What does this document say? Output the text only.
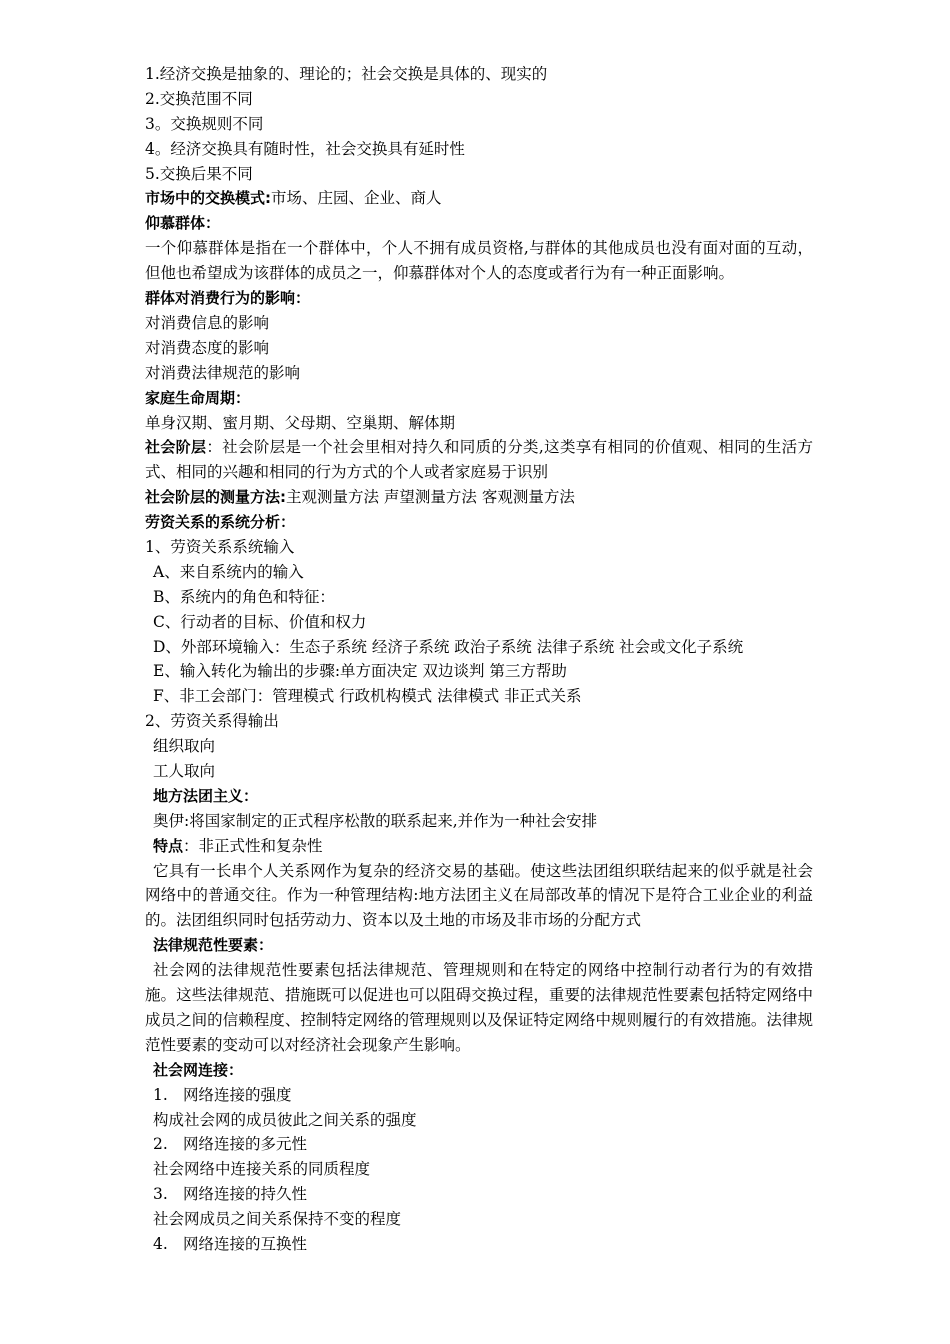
1.经济交换是抽象的、理论的；社会交换是具体的、现实的
2.交换范围不同
3。交换规则不同
4。经济交换具有随时性，社会交换具有延时性
5.交换后果不同
市场中的交换模式:市场、庄园、企业、商人
仰慕群体：
一个仰慕群体是指在一个群体中，个人不拥有成员资格,与群体的其他成员也没有面对面的互动，但他也希望成为该群体的成员之一，仰慕群体对个人的态度或者行为有一种正面影响。
群体对消费行为的影响：
对消费信息的影响
对消费态度的影响
对消费法律规范的影响
家庭生命周期：
单身汉期、蜜月期、父母期、空巢期、解体期
社会阶层：社会阶层是一个社会里相对持久和同质的分类,这类享有相同的价值观、相同的生活方式、相同的兴趣和相同的行为方式的个人或者家庭易于识别
社会阶层的测量方法:主观测量方法 声望测量方法 客观测量方法
劳资关系的系统分析：
1、劳资关系系统输入
A、来自系统内的输入
B、系统内的角色和特征：
C、行动者的目标、价值和权力
D、外部环境输入：生态子系统 经济子系统 政治子系统 法律子系统 社会或文化子系统
E、输入转化为输出的步骤:单方面决定 双边谈判 第三方帮助
F、非工会部门：管理模式 行政机构模式 法律模式 非正式关系
2、劳资关系得输出
组织取向
工人取向
地方法团主义：
奥伊:将国家制定的正式程序松散的联系起来,并作为一种社会安排
特点：非正式性和复杂性
它具有一长串个人关系网作为复杂的经济交易的基础。使这些法团组织联结起来的似乎就是社会网络中的普通交往。作为一种管理结构:地方法团主义在局部改革的情况下是符合工业企业的利益的。法团组织同时包括劳动力、资本以及土地的市场及非市场的分配方式
法律规范性要素：
社会网的法律规范性要素包括法律规范、管理规则和在特定的网络中控制行动者行为的有效措施。这些法律规范、措施既可以促进也可以阻碍交换过程，重要的法律规范性要素包括特定网络中成员之间的信赖程度、控制特定网络的管理规则以及保证特定网络中规则履行的有效措施。法律规范性要素的变动可以对经济社会现象产生影响。
社会网连接：
1. 网络连接的强度
构成社会网的成员彼此之间关系的强度
2. 网络连接的多元性
社会网络中连接关系的同质程度
3. 网络连接的持久性
社会网成员之间关系保持不变的程度
4. 网络连接的互换性
